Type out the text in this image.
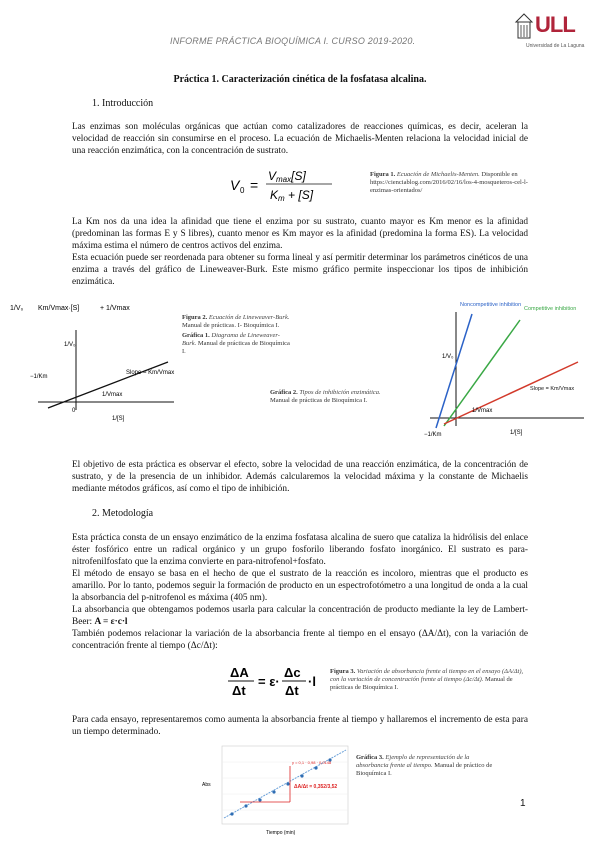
INFORME PRÁCTICA BIOQUÍMICA I. CURSO 2019-2020.
ULL
Universidad de La Laguna
Práctica 1. Caracterización cinética de la fosfatasa alcalina.
1. Introducción
Las enzimas son moléculas orgánicas que actúan como catalizadores de reacciones químicas, es decir, aceleran la velocidad de reacción sin consumirse en el proceso. La ecuación de Michaelis-Menten relaciona la velocidad inicial de una reacción enzimática, con la concentración de sustrato.
V 0 =
Vmax[S]
Km + [S]
Figura 1. Ecuación de Michaelis-Menten. Disponible en https://cienciablog.com/2016/02/16/los-4-mosqueteros-cel-l-enzimas-orientados/
La Km nos da una idea la afinidad que tiene el enzima por su sustrato, cuanto mayor es Km menor es la afinidad (predominan las formas E y S libres), cuanto menor es Km mayor es la afinidad (predomina la forma ES). La velocidad máxima estima el número de centros activos del enzima.
Esta ecuación puede ser reordenada para obtener su forma lineal y así permitir determinar los parámetros cinéticos de una enzima a través del gráfico de Lineweaver-Burk. Este mismo gráfico permite inspeccionar los tipos de inhibición enzimática.
1/V₀ Km/Vmax·[S]	+ 1/Vmax
1/V₀
1/[S]
−1/Km
1/Vmax
Slope = Km/Vmax
0
Figura 2. Ecuación de Lineweaver-Burk. Manual de prácticas. I- Bioquímica I.
Gráfica 1. Diagrama de Lineweaver-Burk. Manual de prácticas de Bioquímica I.
Gráfica 2. Tipos de inhibición enzimática. Manual de prácticas de Bioquímica I.
Noncompetitive inhibition
Competitive inhibition
Slope = Km/Vmax
1/V₀
1/[S]
−1/Km
1/Vmax
El objetivo de esta práctica es observar el efecto, sobre la velocidad de una reacción enzimática, de la concentración de sustrato, y de la presencia de un inhibidor. Además calcularemos la velocidad máxima y la constante de Michaelis mediante métodos gráficos, así como el tipo de inhibición.
2. Metodología
Esta práctica consta de un ensayo enzimático de la enzima fosfatasa alcalina de suero que cataliza la hidrólisis del enlace éster fosfórico entre un radical orgánico y un grupo fosforilo liberando fosfato inorgánico. El sustrato es para-nitrofenilfosfato que la enzima convierte en para-nitrofenol+fosfato.
El método de ensayo se basa en el hecho de que el sustrato de la reacción es incoloro, mientras que el producto es amarillo. Por lo tanto, podemos seguir la formación de producto en un espectrofotómetro a una longitud de onda a la cual la absorbancia del p-nitrofenol es máxima (405 nm).
La absorbancia que obtengamos podemos usarla para calcular la concentración de producto mediante la ley de Lambert-Beer: A = ε·c·l
También podemos relacionar la variación de la absorbancia frente al tiempo en el ensayo (ΔA/Δt), con la variación de concentración frente al tiempo (Δc/Δt):
ΔA
Δt
= ε·
Δc
Δt
·l
Figura 3. Variación de absorbancia frente al tiempo en el ensayo (ΔA/Δt), con la variación de concentración frente al tiempo (Δc/Δt). Manual de prácticas de Bioquímica I.
Para cada ensayo, representaremos como aumenta la absorbancia frente al tiempo y hallaremos el incremento de esta para un tiempo determinado.
y = 0,1 · 0,98 · 0,0148
ΔA/Δt = 0,352/3,52
Abs
Tiempo (min)
Gráfica 3. Ejemplo de representación de la absorbancia frente al tiempo. Manual de práctico de Bioquímica I.
1
